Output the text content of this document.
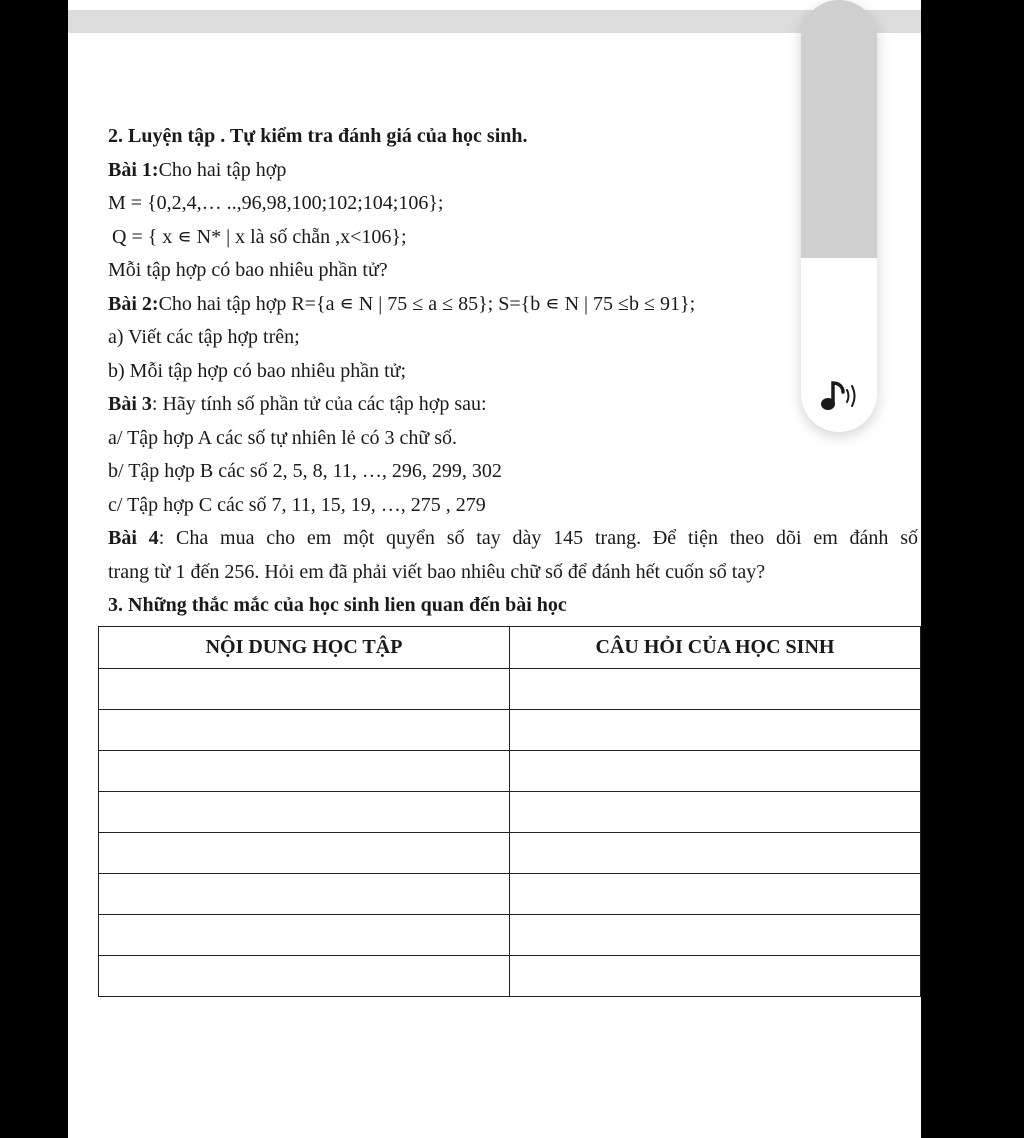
2. Luyện tập . Tự kiểm tra đánh giá của học sinh.
Bài 1:Cho hai tập hợp
M = {0,2,4,… ..,96,98,100;102;104;106};
Q = { x ∊ N* | x là số chẵn ,x<106};
Mỗi tập hợp có bao nhiêu phần tử?
Bài 2:Cho hai tập hợp R={a ∊ N | 75 ≤ a ≤ 85}; S={b ∊ N | 75 ≤b ≤ 91};
a) Viết các tập hợp trên;
b) Mỗi tập hợp có bao nhiêu phần tử;
Bài 3: Hãy tính số phần tử của các tập hợp sau:
a/ Tập hợp A các số tự nhiên lẻ có 3 chữ số.
b/ Tập hợp B các số 2, 5, 8, 11, …, 296, 299, 302
c/ Tập hợp C các số 7, 11, 15, 19, …, 275 , 279
Bài 4: Cha mua cho em một quyển số tay dày 145 trang. Để tiện theo dõi em đánh số
trang từ 1 đến 256. Hỏi em đã phải viết bao nhiêu chữ số để đánh hết cuốn sổ tay?
3. Những thắc mắc của học sinh lien quan đến bài học
NỘI DUNG HỌC TẬP	CÂU HỎI CỦA HỌC SINH
